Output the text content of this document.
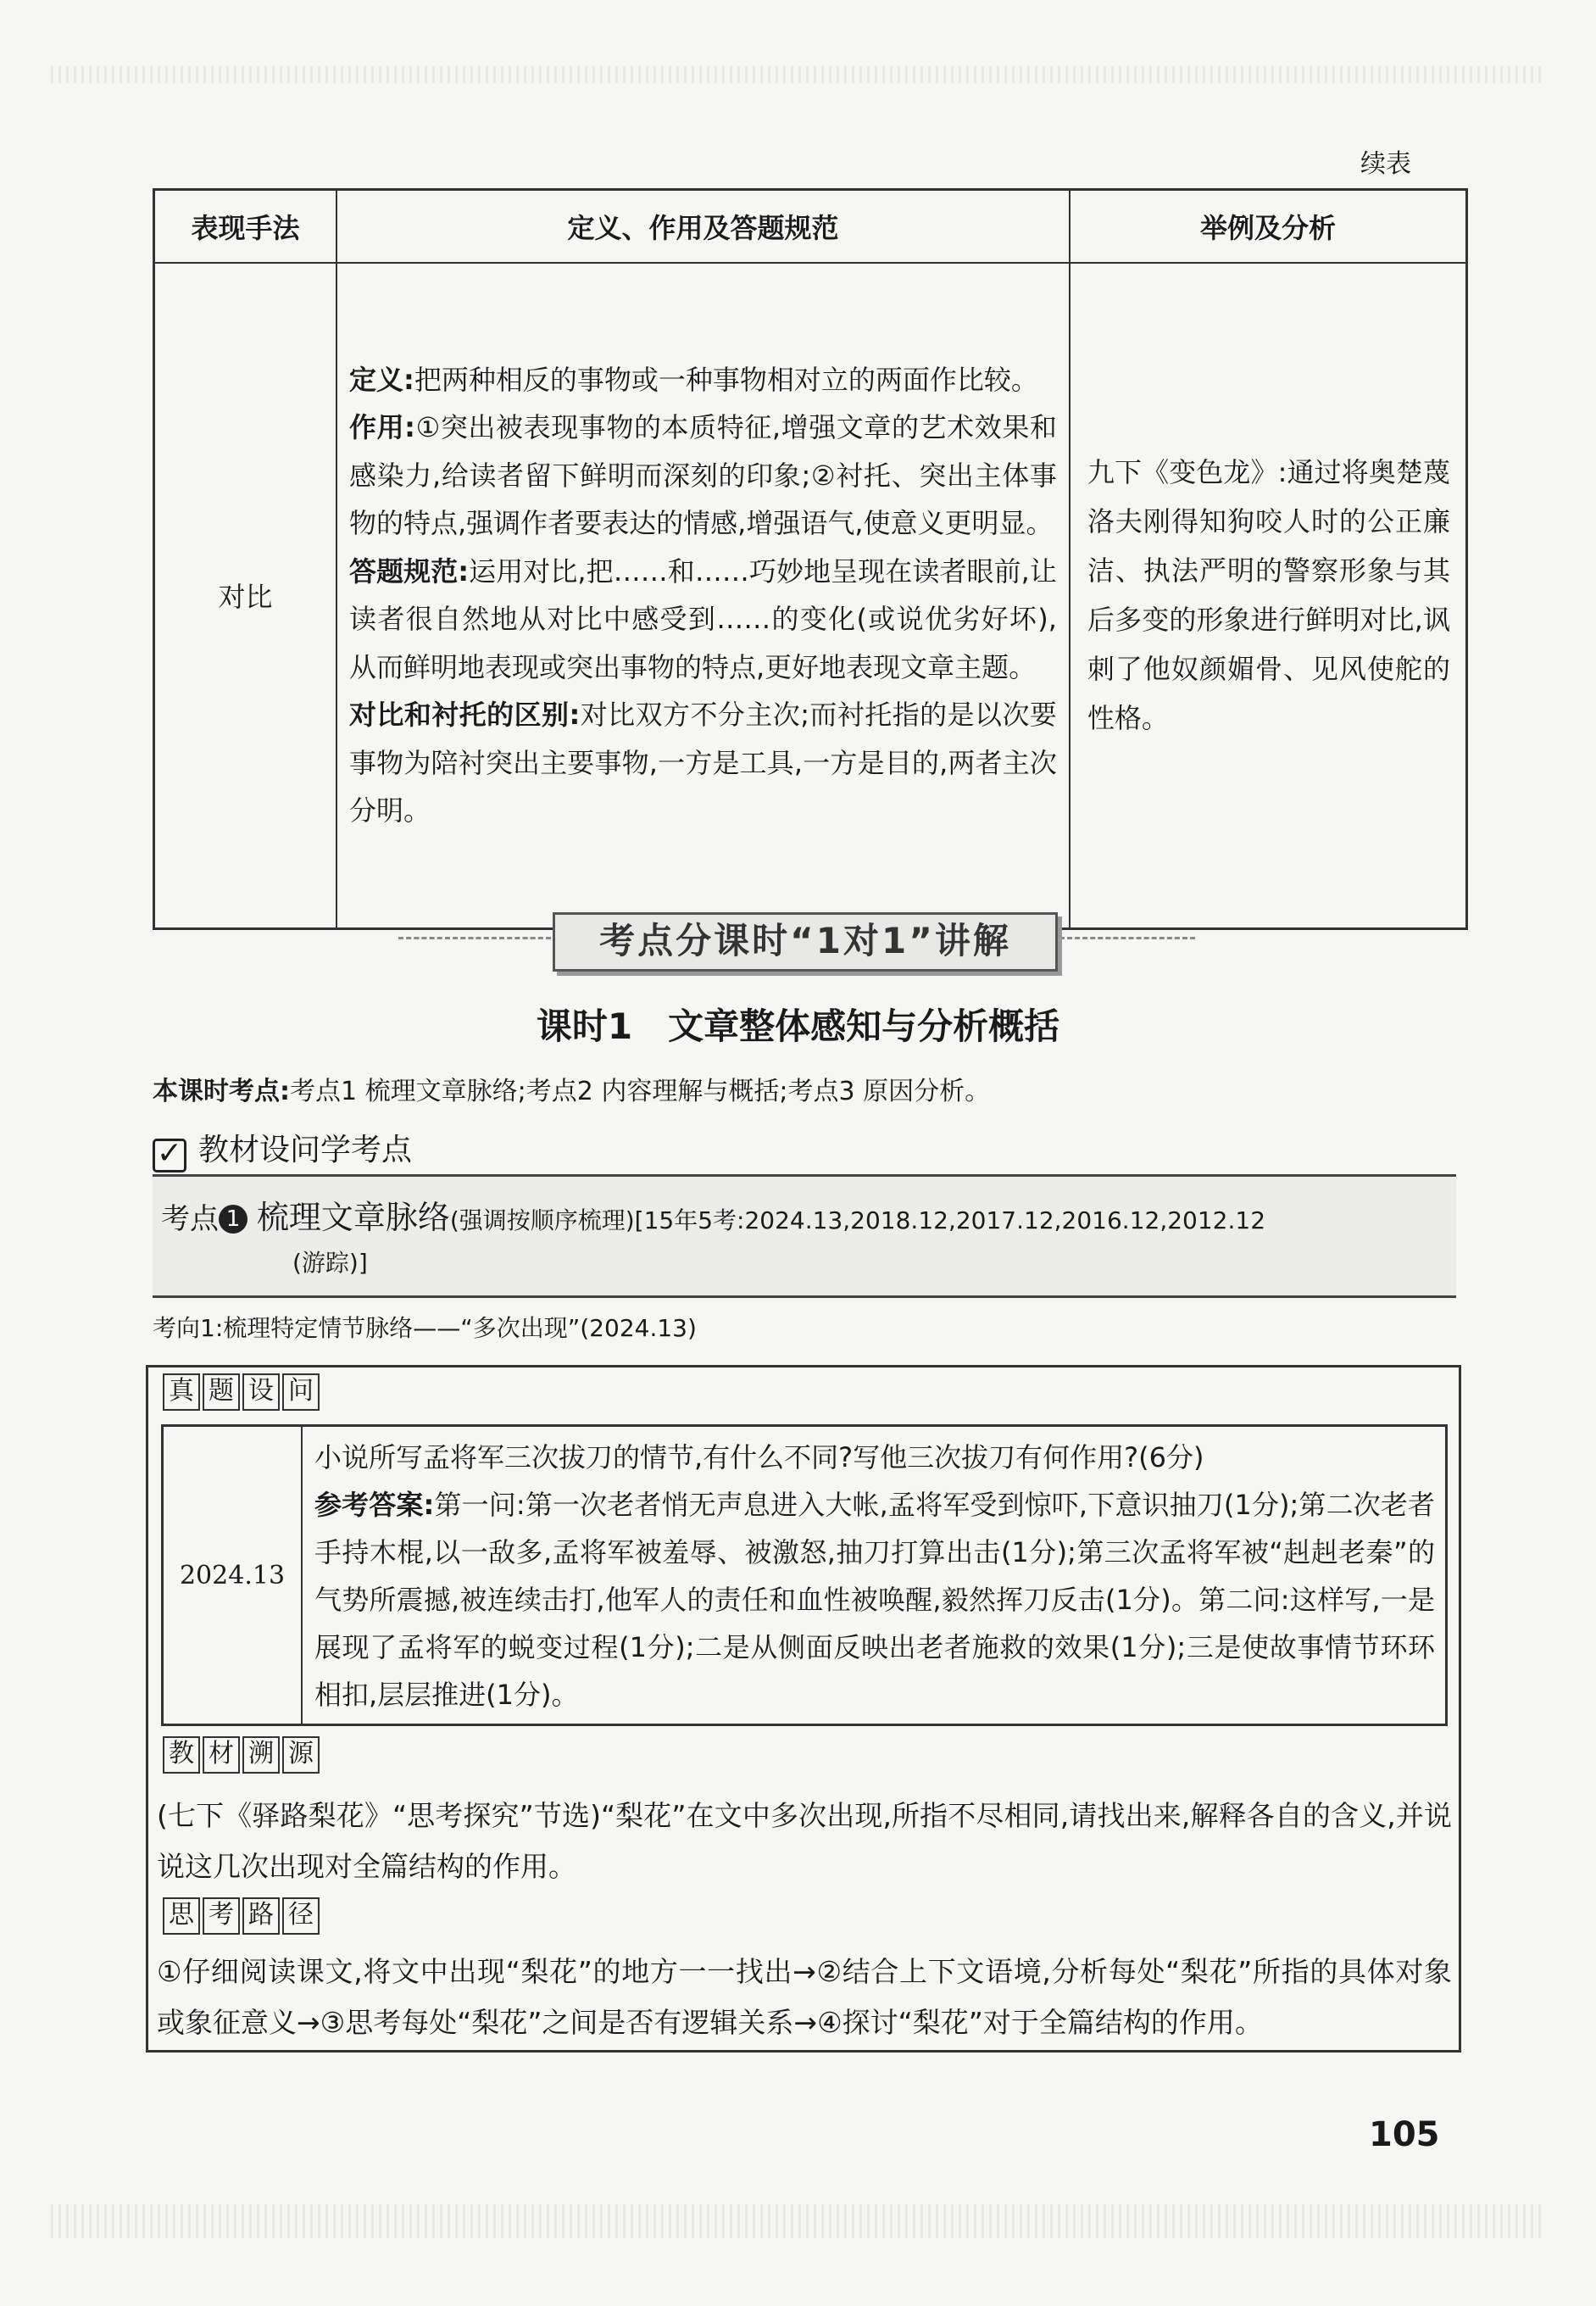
续表
表现手法	定义、作用及答题规范	举例及分析
对比	定义:把两种相反的事物或一种事物相对立的两面作比较。
作用:①突出被表现事物的本质特征,增强文章的艺术效果和感染力,给读者留下鲜明而深刻的印象;②衬托、突出主体事物的特点,强调作者要表达的情感,增强语气,使意义更明显。
答题规范:运用对比,把……和……巧妙地呈现在读者眼前,让读者很自然地从对比中感受到……的变化(或说优劣好坏),从而鲜明地表现或突出事物的特点,更好地表现文章主题。
对比和衬托的区别:对比双方不分主次;而衬托指的是以次要事物为陪衬突出主要事物,一方是工具,一方是目的,两者主次分明。	九下《变色龙》:通过将奥楚蔑洛夫刚得知狗咬人时的公正廉洁、执法严明的警察形象与其后多变的形象进行鲜明对比,讽刺了他奴颜媚骨、见风使舵的性格。
考点分课时“1对1”讲解
课时1　文章整体感知与分析概括
本课时考点:考点1 梳理文章脉络;考点2 内容理解与概括;考点3 原因分析。
✓ 教材设问学考点
考点 1 梳理文章脉络(强调按顺序梳理)[15年5考:2024.13,2018.12,2017.12,2016.12,2012.12
(游踪)]
考向1:梳理特定情节脉络——“多次出现”(2024.13)
真 题 设 问
2024.13	
小说所写孟将军三次拔刀的情节,有什么不同?写他三次拔刀有何作用?(6分)
参考答案:第一问:第一次老者悄无声息进入大帐,孟将军受到惊吓,下意识抽刀(1分);第二次老者手持木棍,以一敌多,孟将军被羞辱、被激怒,抽刀打算出击(1分);第三次孟将军被“赳赳老秦”的气势所震撼,被连续击打,他军人的责任和血性被唤醒,毅然挥刀反击(1分)。第二问:这样写,一是展现了孟将军的蜕变过程(1分);二是从侧面反映出老者施救的效果(1分);三是使故事情节环环相扣,层层推进(1分)。
教 材 溯 源
(七下《驿路梨花》“思考探究”节选)“梨花”在文中多次出现,所指不尽相同,请找出来,解释各自的含义,并说说这几次出现对全篇结构的作用。
思 考 路 径
①仔细阅读课文,将文中出现“梨花”的地方一一找出→②结合上下文语境,分析每处“梨花”所指的具体对象或象征意义→③思考每处“梨花”之间是否有逻辑关系→④探讨“梨花”对于全篇结构的作用。
105
